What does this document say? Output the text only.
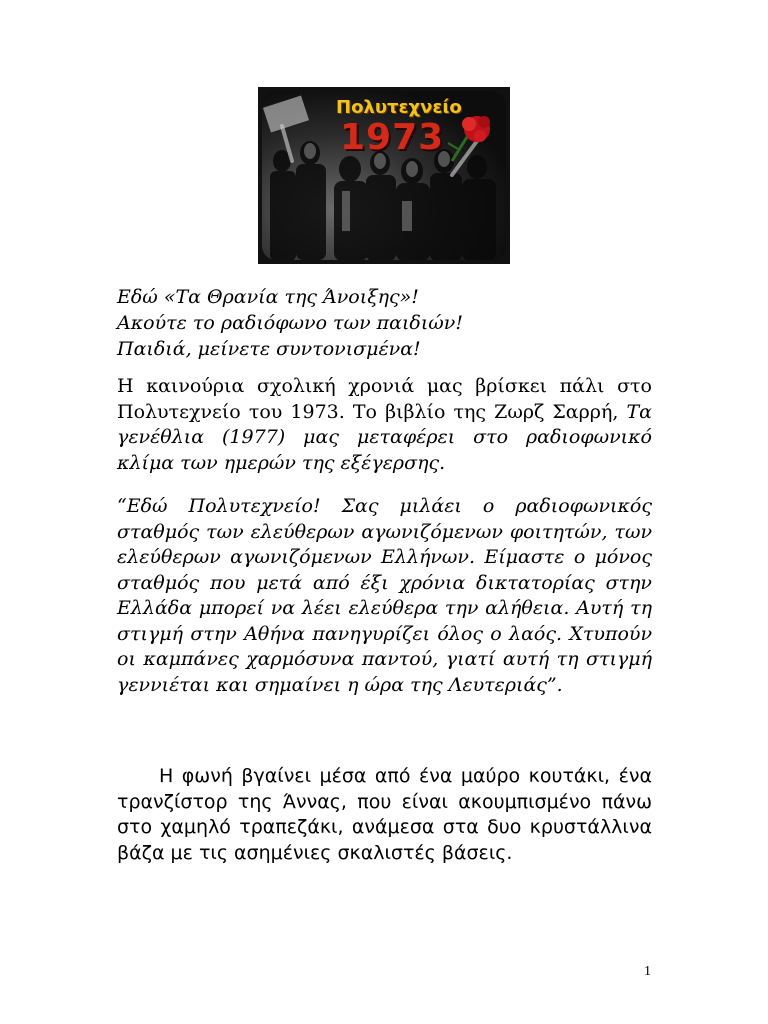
Πολυτεχνείο
1973
Εδώ «Τα Θρανία της Άνοιξης»!
Ακούτε το ραδιόφωνο των παιδιών!
Παιδιά, μείνετε συντονισμένα!
Η καινούρια σχολική χρονιά μας βρίσκει πάλι στο Πολυτεχνείο του 1973. Το βιβλίο της Ζωρζ Σαρρή, Τα γενέθλια (1977) μας μεταφέρει στο ραδιοφωνικό κλίμα των ημερών της εξέγερσης.
“Εδώ Πολυτεχνείο! Σας μιλάει ο ραδιοφωνικός σταθμός των ελεύθερων αγωνιζόμενων φοιτητών, των ελεύθερων αγωνιζόμενων Ελλήνων. Είμαστε ο μόνος σταθμός που μετά από έξι χρόνια δικτατορίας στην Ελλάδα μπορεί να λέει ελεύθερα την αλήθεια. Αυτή τη στιγμή στην Αθήνα πανηγυρίζει όλος ο λαός. Χτυπούν οι καμπάνες χαρμόσυνα παντού, γιατί αυτή τη στιγμή γεννιέται και σημαίνει η ώρα της Λευτεριάς”.
Η φωνή βγαίνει μέσα από ένα μαύρο κουτάκι, ένα τρανζίστορ της Άννας, που είναι ακουμπισμένο πάνω στο χαμηλό τραπεζάκι, ανάμεσα στα δυο κρυστάλλινα βάζα με τις ασημένιες σκαλιστές βάσεις.
1
